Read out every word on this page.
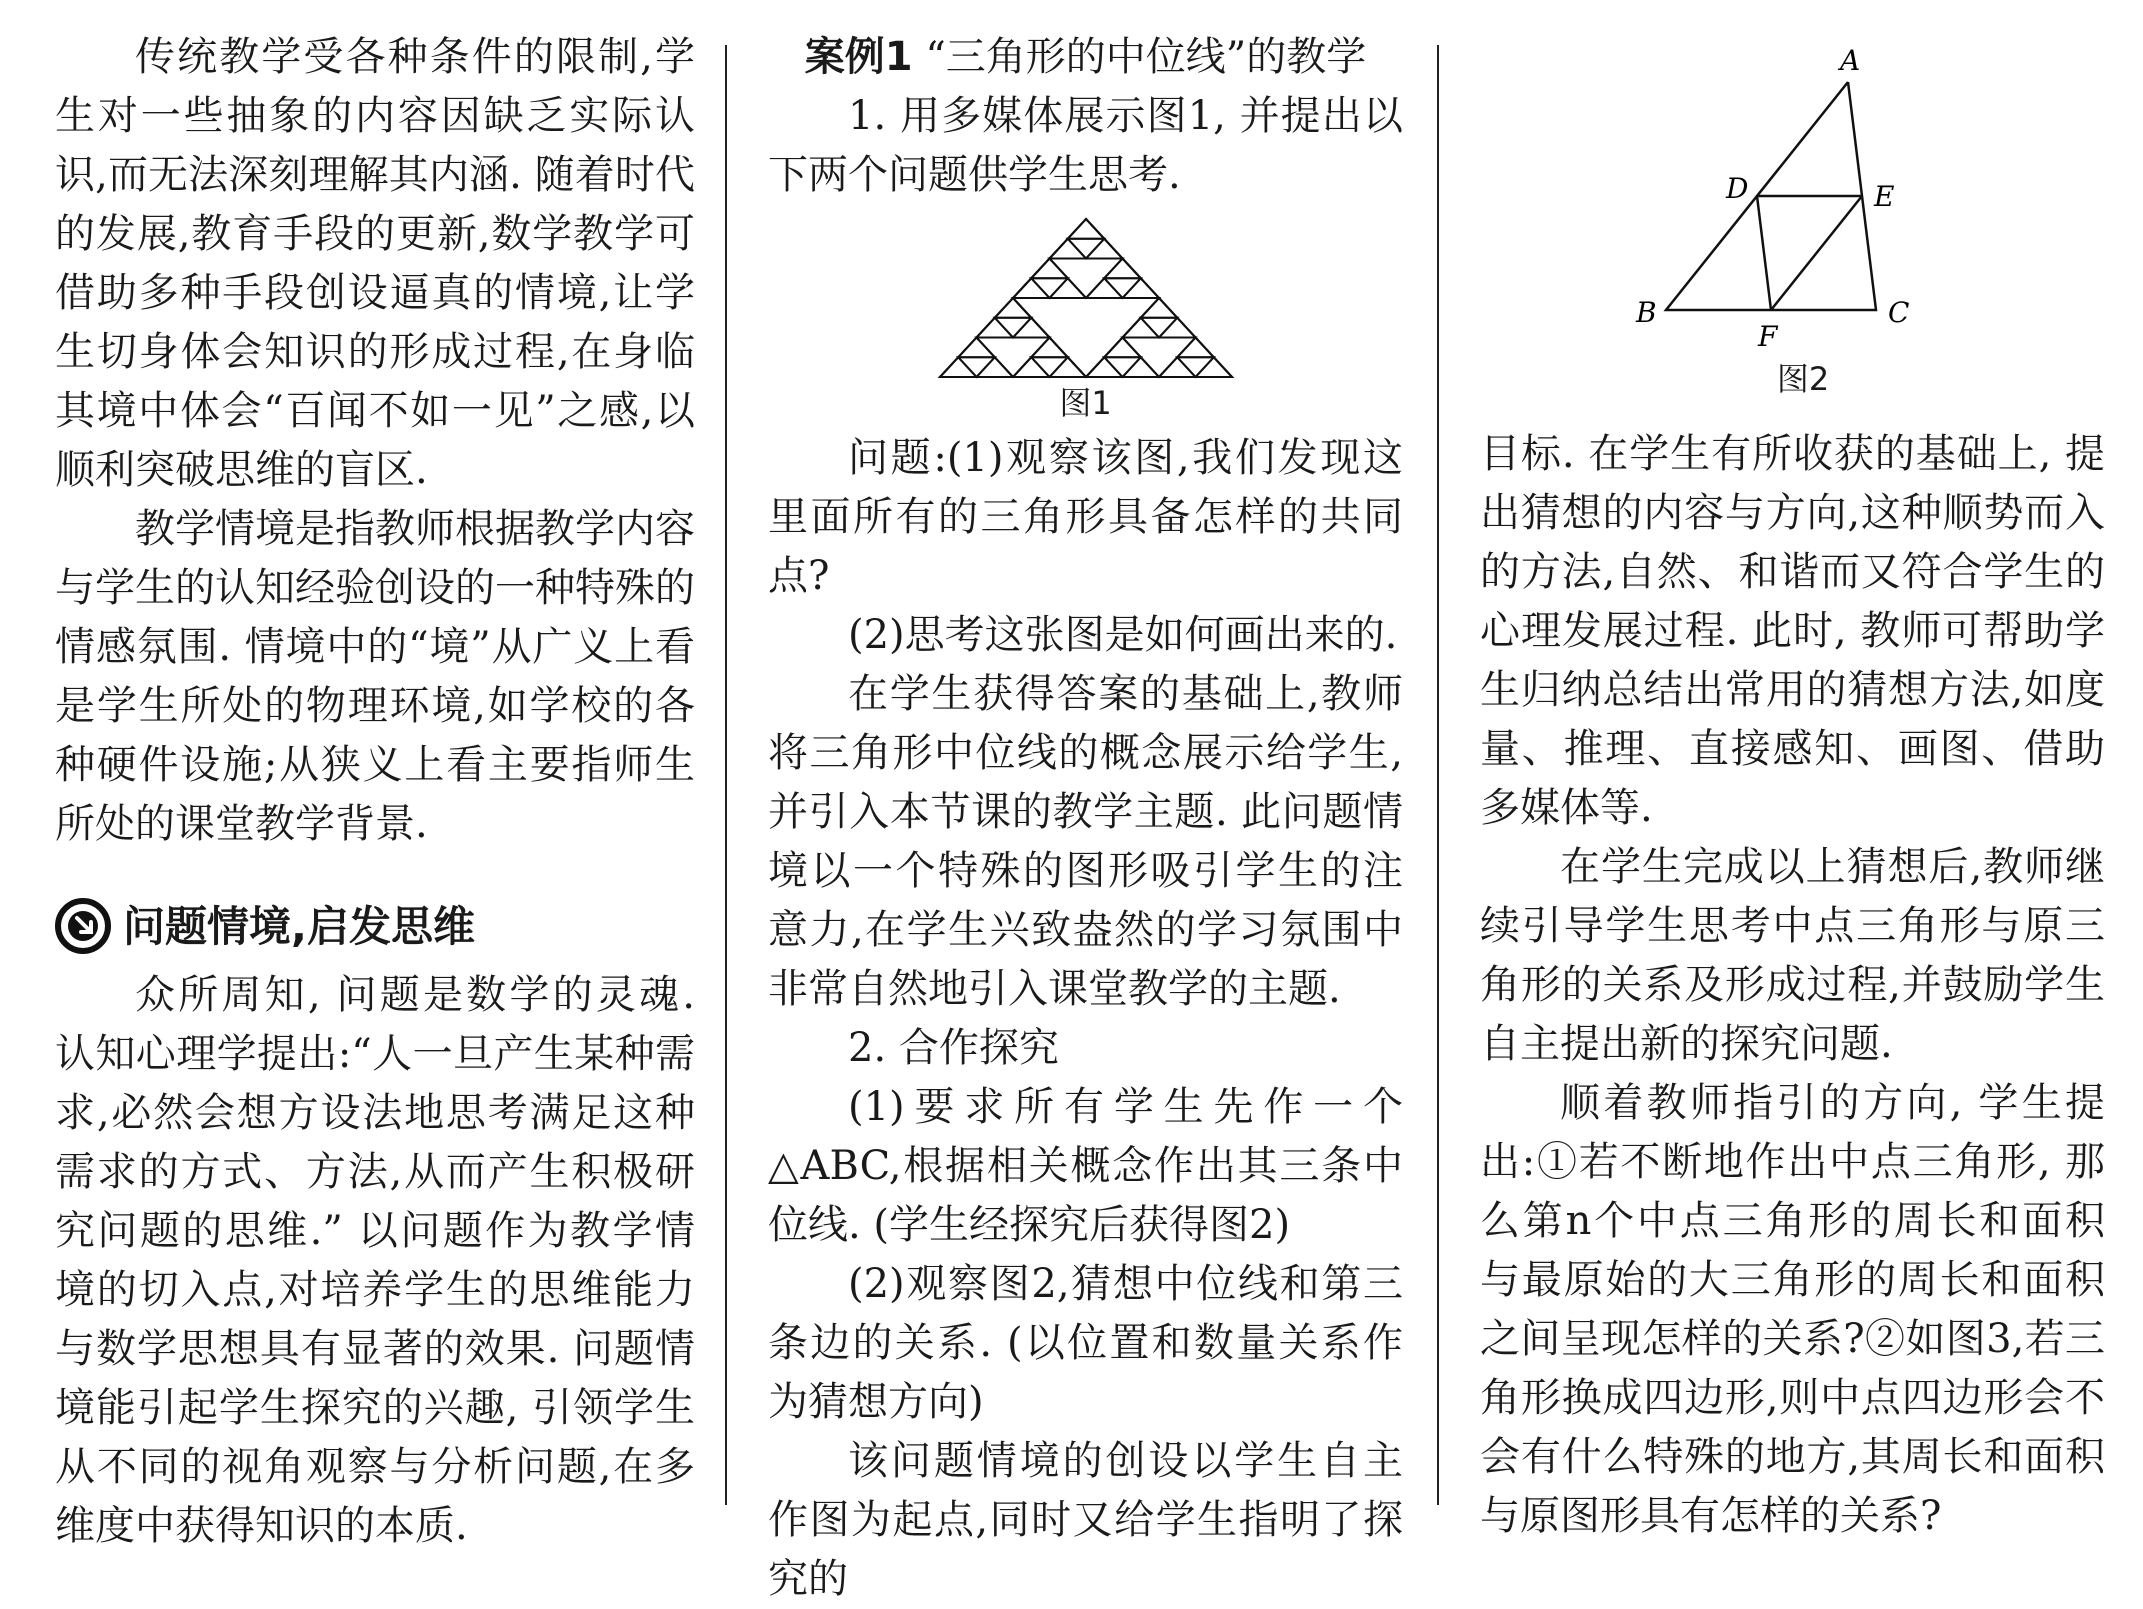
传统教学受各种条件的限制,学生对一些抽象的内容因缺乏实际认识,而无法深刻理解其内涵. 随着时代的发展,教育手段的更新,数学教学可借助多种手段创设逼真的情境,让学生切身体会知识的形成过程,在身临其境中体会“百闻不如一见”之感,以顺利突破思维的盲区.

教学情境是指教师根据教学内容与学生的认知经验创设的一种特殊的情感氛围. 情境中的“境”从广义上看是学生所处的物理环境,如学校的各种硬件设施;从狭义上看主要指师生所处的课堂教学背景.

问题情境,启发思维

众所周知, 问题是数学的灵魂. 认知心理学提出:“人一旦产生某种需求,必然会想方设法地思考满足这种需求的方式、方法,从而产生积极研究问题的思维.” 以问题作为教学情境的切入点,对培养学生的思维能力与数学思想具有显著的效果. 问题情境能引起学生探究的兴趣, 引领学生从不同的视角观察与分析问题,在多维度中获得知识的本质.

案例1 “三角形的中位线”的教学

1. 用多媒体展示图1, 并提出以下两个问题供学生思考.

图1

问题:(1)观察该图,我们发现这里面所有的三角形具备怎样的共同点?

(2)思考这张图是如何画出来的.

在学生获得答案的基础上,教师将三角形中位线的概念展示给学生,并引入本节课的教学主题. 此问题情境以一个特殊的图形吸引学生的注意力,在学生兴致盎然的学习氛围中非常自然地引入课堂教学的主题.

2. 合作探究

(1)要求所有学生先作一个△ABC,根据相关概念作出其三条中位线. (学生经探究后获得图2)

(2)观察图2,猜想中位线和第三条边的关系. (以位置和数量关系作为猜想方向)

该问题情境的创设以学生自主作图为起点,同时又给学生指明了探究的

A
B	C
D	E
F
图2

目标. 在学生有所收获的基础上, 提出猜想的内容与方向,这种顺势而入的方法,自然、和谐而又符合学生的心理发展过程. 此时, 教师可帮助学生归纳总结出常用的猜想方法,如度量、推理、直接感知、画图、借助多媒体等.

在学生完成以上猜想后,教师继续引导学生思考中点三角形与原三角形的关系及形成过程,并鼓励学生自主提出新的探究问题.

顺着教师指引的方向, 学生提出:①若不断地作出中点三角形, 那么第n个中点三角形的周长和面积与最原始的大三角形的周长和面积之间呈现怎样的关系?②如图3,若三角形换成四边形,则中点四边形会不会有什么特殊的地方,其周长和面积与原图形具有怎样的关系?
